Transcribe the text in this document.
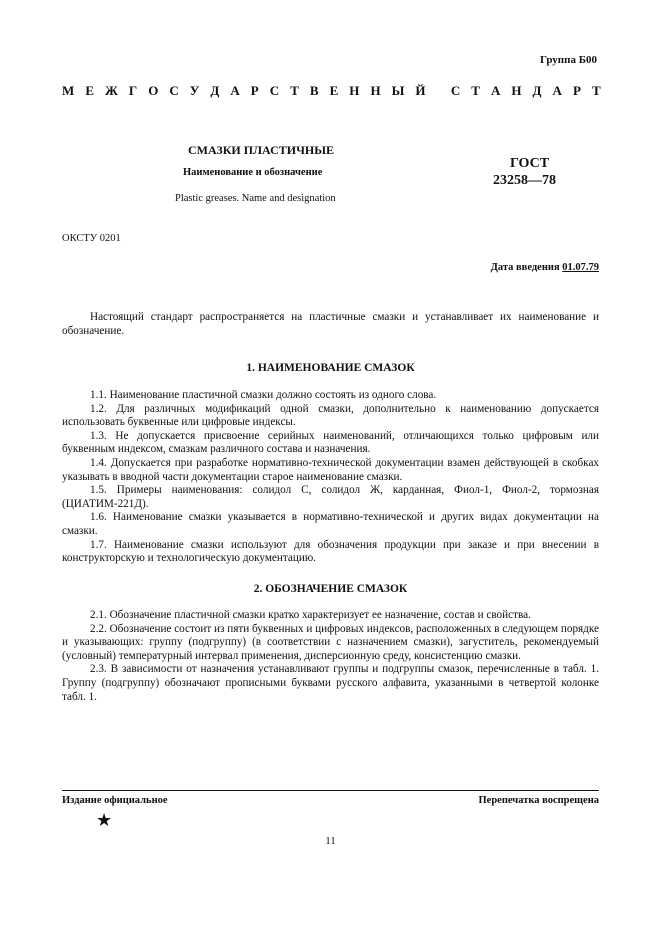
Группа Б00
М Е Ж Г О С У Д А Р С Т В Е Н Н Ы Й
С Т А Н Д А Р Т
СМАЗКИ ПЛАСТИЧНЫЕ
Наименование и обозначение
Plastic greases. Name and designation
ГОСТ
23258—78
ОКСТУ 0201
Дата введения 01.07.79

Настоящий стандарт распространяется на пластичные смазки и устанавливает их наименование и обозначение.

1. НАИМЕНОВАНИЕ СМАЗОК

1.1. Наименование пластичной смазки должно состоять из одного слова.

1.2. Для различных модификаций одной смазки, дополнительно к наименованию допускается использовать буквенные или цифровые индексы.

1.3. Не допускается присвоение серийных наименований, отличающихся только цифровым или буквенным индексом, смазкам различного состава и назначения.

1.4. Допускается при разработке нормативно-технической документации взамен действующей в скобках указывать в вводной части документации старое наименование смазки.

1.5. Примеры наименования: солидол С, солидол Ж, карданная, Фиол-1, Фиол-2, тормозная (ЦИАТИМ-221Д).

1.6. Наименование смазки указывается в нормативно-технической и других видах документации на смазки.

1.7. Наименование смазки используют для обозначения продукции при заказе и при внесении в конструкторскую и технологическую документацию.

2. ОБОЗНАЧЕНИЕ СМАЗОК

2.1. Обозначение пластичной смазки кратко характеризует ее назначение, состав и свойства.

2.2. Обозначение состоит из пяти буквенных и цифровых индексов, расположенных в следующем порядке и указывающих: группу (подгруппу) (в соответствии с назначением смазки), загуститель, рекомендуемый (условный) температурный интервал применения, дисперсионную среду, консистенцию смазки.

2.3. В зависимости от назначения устанавливают группы и подгруппы смазок, перечисленные в табл. 1. Группу (подгруппу) обозначают прописными буквами русского алфавита, указанными в четвертой колонке табл. 1.

Издание официальное	Перепечатка воспрещена
★
11
